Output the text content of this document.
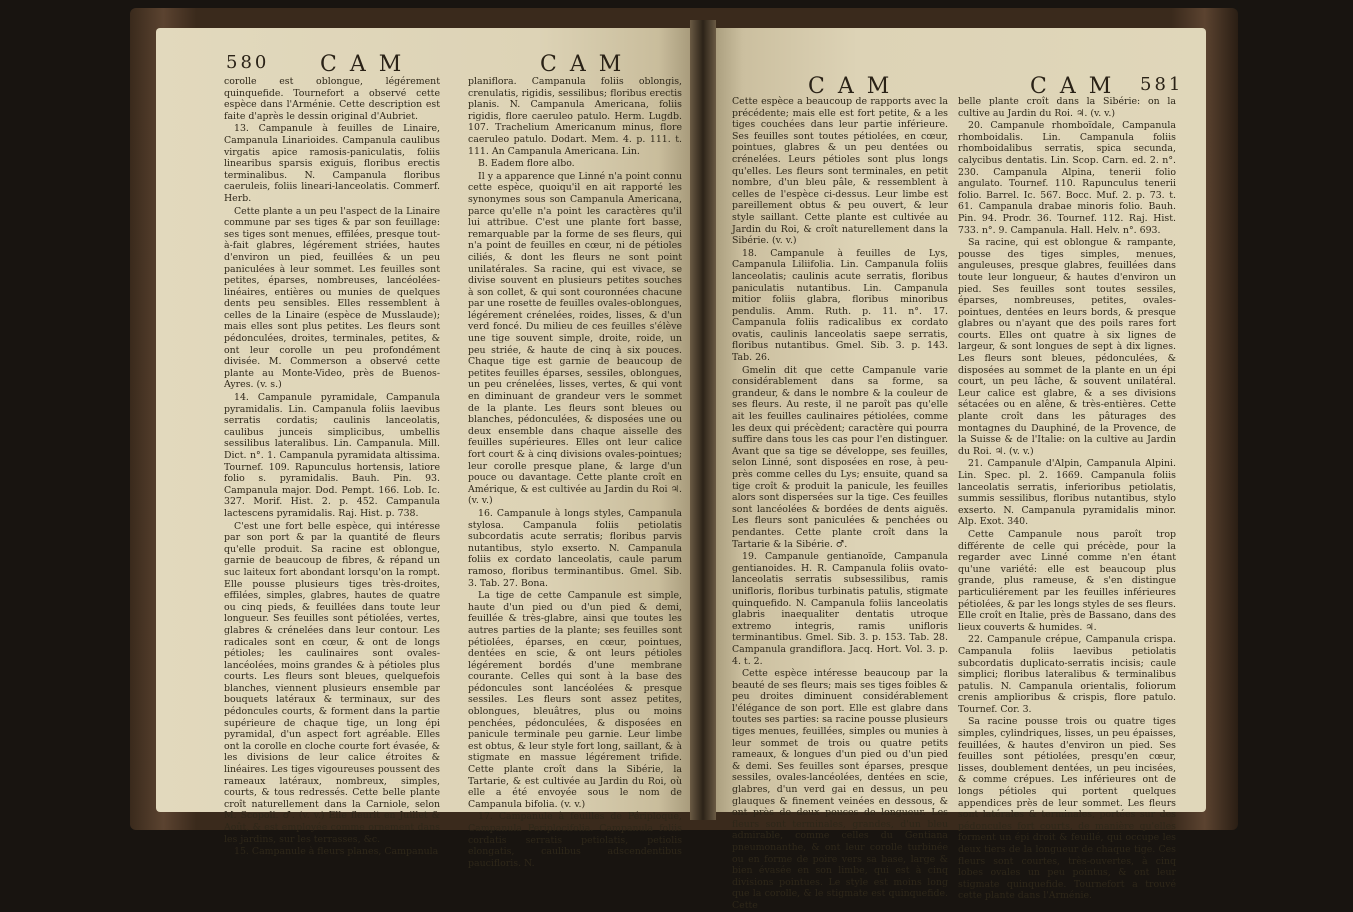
580 C A M	C A M
C A M	C A M 581

corolle est oblongue, légérement quinquefide. Tournefort a observé cette espèce dans l'Arménie. Cette description est faite d'après le dessin original d'Aubriet.

13. Campanule à feuilles de Linaire, Campanula Linarioides. Campanula caulibus virgatis apice ramosis-paniculatis, foliis linearibus sparsis exiguis, floribus erectis terminalibus. N. Campanula floribus caeruleis, foliis lineari-lanceolatis. Commerf. Herb.

Cette plante a un peu l'aspect de la Linaire commune par ses tiges & par son feuillage: ses tiges sont menues, effilées, presque tout-à-fait glabres, légérement striées, hautes d'environ un pied, feuillées & un peu paniculées à leur sommet. Les feuilles sont petites, éparses, nombreuses, lancéolées-linéaires, entières ou munies de quelques dents peu sensibles. Elles ressemblent à celles de la Linaire (espèce de Musslaude); mais elles sont plus petites. Les fleurs sont pédonculées, droites, terminales, petites, & ont leur corolle un peu profondément divisée. M. Commerson a observé cette plante au Monte-Video, près de Buenos-Ayres. (v. s.)

14. Campanule pyramidale, Campanula pyramidalis. Lin. Campanula foliis laevibus serratis cordatis; caulinis lanceolatis, caulibus junceis simplicibus, umbellis sessilibus lateralibus. Lin. Campanula. Mill. Dict. n°. 1. Campanula pyramidata altissima. Tournef. 109. Rapunculus hortensis, latiore folio s. pyramidalis. Bauh. Pin. 93. Campanula major. Dod. Pempt. 166. Lob. Ic. 327. Morif. Hist. 2. p. 452. Campanula lactescens pyramidalis. Raj. Hist. p. 738.

C'est une fort belle espèce, qui intéresse par son port & par la quantité de fleurs qu'elle produit. Sa racine est oblongue, garnie de beaucoup de fibres, & répand un suc laiteux fort abondant lorsqu'on la rompt. Elle pousse plusieurs tiges très-droites, effilées, simples, glabres, hautes de quatre ou cinq pieds, & feuillées dans toute leur longueur. Ses feuilles sont pétiolées, vertes, glabres & crénelées dans leur contour. Les radicales sont en cœur, & ont de longs pétioles; les caulinaires sont ovales-lancéolées, moins grandes & à pétioles plus courts. Les fleurs sont bleues, quelquefois blanches, viennent plusieurs ensemble par bouquets latéraux & terminaux, sur des pédoncules courts, & forment dans la partie supérieure de chaque tige, un long épi pyramidal, d'un aspect fort agréable. Elles ont la corolle en cloche courte fort évasée, & les divisions de leur calice étroites & linéaires. Les tiges vigoureuses poussent des rameaux latéraux, nombreux, simples, courts, & tous redressés. Cette belle plante croît naturellement dans la Carniole, selon M. Scopoli. ♂. (v. v.) Elle fleurit en Juillet & Août, & est employée comme ornement dans les jardins, sur les terrasses, &c.

15. Campanule à fleurs planes, Campanula

planiflora. Campanula foliis oblongis, crenulatis, rigidis, sessilibus; floribus erectis planis. N. Campanula Americana, foliis rigidis, flore caeruleo patulo. Herm. Lugdb. 107. Trachelium Americanum minus, flore caeruleo patulo. Dodart. Mem. 4. p. 111. t. 111. An Campanula Americana. Lin.

B. Eadem flore albo.

Il y a apparence que Linné n'a point connu cette espèce, quoiqu'il en ait rapporté les synonymes sous son Campanula Americana, parce qu'elle n'a point les caractères qu'il lui attribue. C'est une plante fort basse, remarquable par la forme de ses fleurs, qui n'a point de feuilles en cœur, ni de pétioles ciliés, & dont les fleurs ne sont point unilatérales. Sa racine, qui est vivace, se divise souvent en plusieurs petites souches à son collet, & qui sont couronnées chacune par une rosette de feuilles ovales-oblongues, légérement crénelées, roides, lisses, & d'un verd foncé. Du milieu de ces feuilles s'élève une tige souvent simple, droite, roide, un peu striée, & haute de cinq à six pouces. Chaque tige est garnie de beaucoup de petites feuilles éparses, sessiles, oblongues, un peu crénelées, lisses, vertes, & qui vont en diminuant de grandeur vers le sommet de la plante. Les fleurs sont bleues ou blanches, pédonculées, & disposées une ou deux ensemble dans chaque aisselle des feuilles supérieures. Elles ont leur calice fort court & à cinq divisions ovales-pointues; leur corolle presque plane, & large d'un pouce ou davantage. Cette plante croît en Amérique, & est cultivée au Jardin du Roi ♃. (v. v.)

16. Campanule à longs styles, Campanula stylosa. Campanula foliis petiolatis subcordatis acute serratis; floribus parvis nutantibus, stylo exserto. N. Campanula foliis ex cordato lanceolatis, caule parum ramoso, floribus terminantibus. Gmel. Sib. 3. Tab. 27. Bona.

La tige de cette Campanule est simple, haute d'un pied ou d'un pied & demi, feuillée & très-glabre, ainsi que toutes les autres parties de la plante; ses feuilles sont pétiolées, éparses, en cœur, pointues, dentées en scie, & ont leurs pétioles légérement bordés d'une membrane courante. Celles qui sont à la base des pédoncules sont lancéolées & presque sessiles. Les fleurs sont assez petites, oblongues, bleuâtres, plus ou moins penchées, pédonculées, & disposées en panicule terminale peu garnie. Leur limbe est obtus, & leur style fort long, saillant, & à stigmate en massue légérement trifide. Cette plante croît dans la Sibérie, la Tartarie, & est cultivée au Jardin du Roi, où elle a été envoyée sous le nom de Campanula bifolia. (v. v.)

17. Campanule à feuilles de Périploque, Campanula Periplocifolia. Campanula foliis cordatis serratis petiolatis, petiolis elongatis, caulibus adscendentibus paucifloris. N.

Cette espèce a beaucoup de rapports avec la précédente; mais elle est fort petite, & a les tiges couchées dans leur partie inférieure. Ses feuilles sont toutes pétiolées, en cœur, pointues, glabres & un peu dentées ou crénelées. Leurs pétioles sont plus longs qu'elles. Les fleurs sont terminales, en petit nombre, d'un bleu pâle, & ressemblent à celles de l'espèce ci-dessus. Leur limbe est pareillement obtus & peu ouvert, & leur style saillant. Cette plante est cultivée au Jardin du Roi, & croît naturellement dans la Sibérie. (v. v.)

18. Campanule à feuilles de Lys, Campanula Liliifolia. Lin. Campanula foliis lanceolatis; caulinis acute serratis, floribus paniculatis nutantibus. Lin. Campanula mitior foliis glabra, floribus minoribus pendulis. Amm. Ruth. p. 11. n°. 17. Campanula foliis radicalibus ex cordato ovatis, caulinis lanceolatis saepe serratis, floribus nutantibus. Gmel. Sib. 3. p. 143. Tab. 26.

Gmelin dit que cette Campanule varie considérablement dans sa forme, sa grandeur, & dans le nombre & la couleur de ses fleurs. Au reste, il ne paroît pas qu'elle ait les feuilles caulinaires pétiolées, comme les deux qui précèdent; caractère qui pourra suffire dans tous les cas pour l'en distinguer. Avant que sa tige se développe, ses feuilles, selon Linné, sont disposées en rose, à peu-près comme celles du Lys; ensuite, quand sa tige croît & produit la panicule, les feuilles alors sont dispersées sur la tige. Ces feuilles sont lancéolées & bordées de dents aiguës. Les fleurs sont paniculées & penchées ou pendantes. Cette plante croît dans la Tartarie & la Sibérie. ♂.

19. Campanule gentianoïde, Campanula gentianoides. H. R. Campanula foliis ovato-lanceolatis serratis subsessilibus, ramis unifloris, floribus turbinatis patulis, stigmate quinquefido. N. Campanula foliis lanceolatis glabris inaequaliter dentatis utroque extremo integris, ramis unifloris terminantibus. Gmel. Sib. 3. p. 153. Tab. 28. Campanula grandiflora. Jacq. Hort. Vol. 3. p. 4. t. 2.

Cette espèce intéresse beaucoup par la beauté de ses fleurs; mais ses tiges foibles & peu droites diminuent considérablement l'élégance de son port. Elle est glabre dans toutes ses parties: sa racine pousse plusieurs tiges menues, feuillées, simples ou munies à leur sommet de trois ou quatre petits rameaux, & longues d'un pied ou d'un pied & demi. Ses feuilles sont éparses, presque sessiles, ovales-lancéolées, dentées en scie, glabres, d'un verd gai en dessus, un peu glauques & finement veinées en dessous, & ont près de deux pouces de longueur. Les fleurs sont terminales, grandes, d'un bleu admirable, comme celles du Gentiana pneumonanthe, & ont leur corolle turbinée ou en forme de poire vers sa base, large & bien évasée en son limbe, qui est à cinq divisions pointues. Le style est moins long que la corolle, & le stigmate est quinquefide. Cette

belle plante croît dans la Sibérie: on la cultive au Jardin du Roi. ♃. (v. v.)

20. Campanule rhomboïdale, Campanula rhomboidalis. Lin. Campanula foliis rhomboidalibus serratis, spica secunda, calycibus dentatis. Lin. Scop. Carn. ed. 2. n°. 230. Campanula Alpina, tenerii folio angulato. Tournef. 110. Rapunculus tenerii folio. Barrel. Ic. 567. Bocc. Muf. 2. p. 73. t. 61. Campanula drabae minoris folio. Bauh. Pin. 94. Prodr. 36. Tournef. 112. Raj. Hist. 733. n°. 9. Campanula. Hall. Helv. n°. 693.

Sa racine, qui est oblongue & rampante, pousse des tiges simples, menues, anguleuses, presque glabres, feuillées dans toute leur longueur, & hautes d'environ un pied. Ses feuilles sont toutes sessiles, éparses, nombreuses, petites, ovales-pointues, dentées en leurs bords, & presque glabres ou n'ayant que des poils rares fort courts. Elles ont quatre à six lignes de largeur, & sont longues de sept à dix lignes. Les fleurs sont bleues, pédonculées, & disposées au sommet de la plante en un épi court, un peu lâche, & souvent unilatéral. Leur calice est glabre, & a ses divisions sétacées ou en alêne, & très-entières. Cette plante croît dans les pâturages des montagnes du Dauphiné, de la Provence, de la Suisse & de l'Italie: on la cultive au Jardin du Roi. ♃. (v. v.)

21. Campanule d'Alpin, Campanula Alpini. Lin. Spec. pl. 2. 1669. Campanula foliis lanceolatis serratis, inferioribus petiolatis, summis sessilibus, floribus nutantibus, stylo exserto. N. Campanula pyramidalis minor. Alp. Exot. 340.

Cette Campanule nous paroît trop différente de celle qui précède, pour la regarder avec Linné comme n'en étant qu'une variété: elle est beaucoup plus grande, plus rameuse, & s'en distingue particuliérement par les feuilles inférieures pétiolées, & par les longs styles de ses fleurs. Elle croît en Italie, près de Bassano, dans des lieux couverts & humides. ♃.

22. Campanule crépue, Campanula crispa. Campanula foliis laevibus petiolatis subcordatis duplicato-serratis incisis; caule simplici; floribus lateralibus & terminalibus patulis. N. Campanula orientalis, foliorum crenis amplioribus & crispis, flore patulo. Tournef. Cor. 3.

Sa racine pousse trois ou quatre tiges simples, cylindriques, lisses, un peu épaisses, feuillées, & hautes d'environ un pied. Ses feuilles sont pétiolées, presqu'en cœur, lisses, doublement dentées, un peu incisées, & comme crépues. Les inférieures ont de longs pétioles qui portent quelques appendices près de leur sommet. Les fleurs sont latérales & terminales, portées sur des pédoncules fort courts, de manière qu'elles forment un épi droit & feuillé, qui occupe les deux tiers de la longueur de chaque tige. Ces fleurs sont courtes, très-ouvertes, à cinq lobes ovales un peu pointus, & ont leur stigmate quinquefide. Tournefort a trouvé cette plante dans l'Arménie.
